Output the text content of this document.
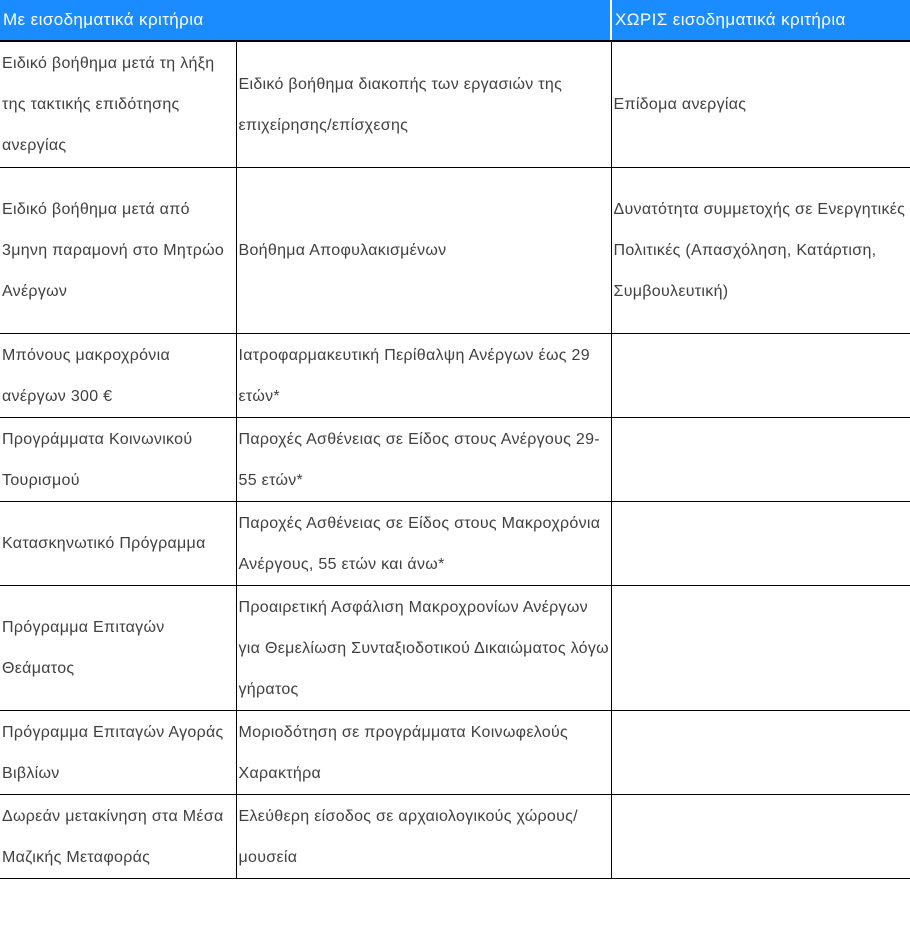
Με εισοδηματικά κριτήρια		ΧΩΡΙΣ εισοδηματικά κριτήρια
Ειδικό βοήθημα μετά τη λήξη της τακτικής επιδότησης ανεργίας	Ειδικό βοήθημα διακοπής των εργασιών της επιχείρησης/επίσχεσης	Επίδομα ανεργίας
Ειδικό βοήθημα μετά από 3μηνη παραμονή στο Μητρώο Ανέργων	Βοήθημα Αποφυλακισμένων	Δυνατότητα συμμετοχής σε Ενεργητικές Πολιτικές (Απασχόληση, Κατάρτιση, Συμβουλευτική)
Μπόνους μακροχρόνια ανέργων 300 €	Ιατροφαρμακευτική Περίθαλψη Ανέργων έως 29 ετών*	
Προγράμματα Κοινωνικού Τουρισμού	Παροχές Ασθένειας σε Είδος στους Ανέργους 29-55 ετών*	
Κατασκηνωτικό Πρόγραμμα	Παροχές Ασθένειας σε Είδος στους Μακροχρόνια Ανέργους, 55 ετών και άνω*	
Πρόγραμμα Επιταγών Θεάματος	Προαιρετική Ασφάλιση Μακροχρονίων Ανέργων για Θεμελίωση Συνταξιοδοτικού Δικαιώματος λόγω γήρατος	
Πρόγραμμα Επιταγών Αγοράς Βιβλίων	Μοριοδότηση σε προγράμματα Κοινωφελούς Χαρακτήρα	
Δωρεάν μετακίνηση στα Μέσα Μαζικής Μεταφοράς	Ελεύθερη είσοδος σε αρχαιολογικούς χώρους/ μουσεία	
